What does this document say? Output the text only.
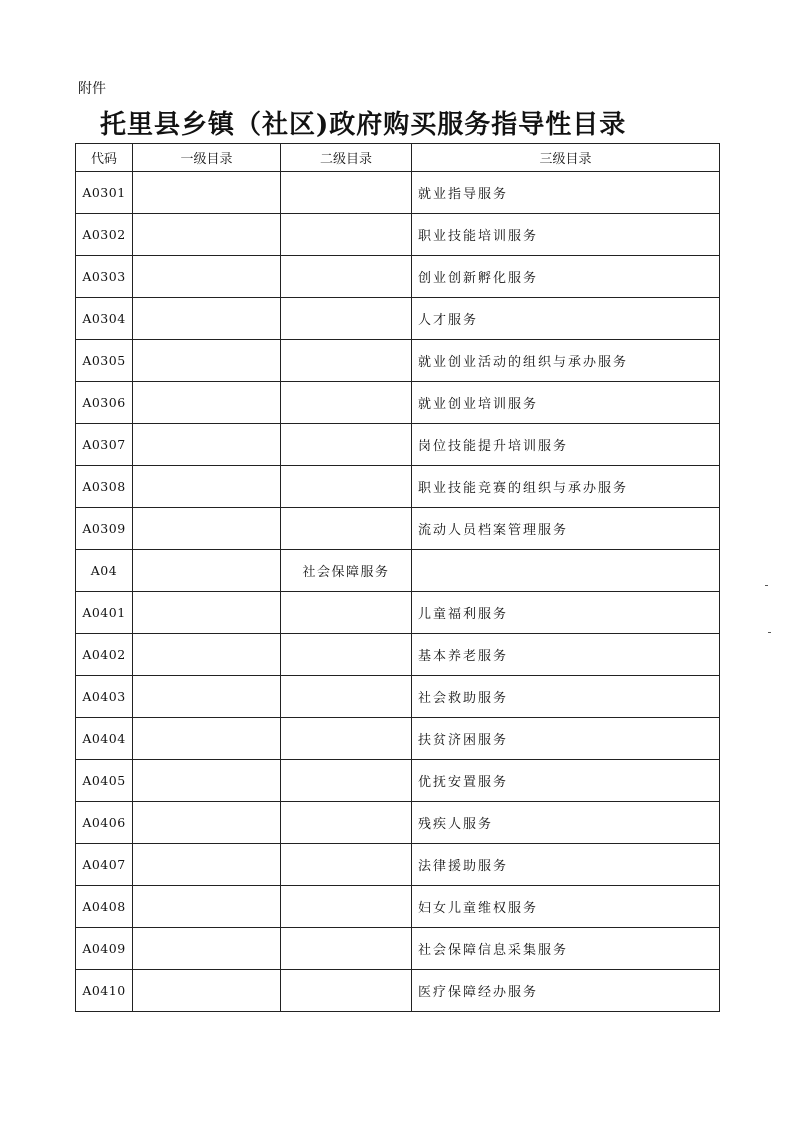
附件
托里县乡镇（社区)政府购买服务指导性目录
代码	一级目录	二级目录	三级目录
A0301			就业指导服务
A0302			职业技能培训服务
A0303			创业创新孵化服务
A0304			人才服务
A0305			就业创业活动的组织与承办服务
A0306			就业创业培训服务
A0307			岗位技能提升培训服务
A0308			职业技能竞赛的组织与承办服务
A0309			流动人员档案管理服务
A04		社会保障服务	
A0401			儿童福利服务
A0402			基本养老服务
A0403			社会救助服务
A0404			扶贫济困服务
A0405			优抚安置服务
A0406			残疾人服务
A0407			法律援助服务
A0408			妇女儿童维权服务
A0409			社会保障信息采集服务
A0410			医疗保障经办服务
